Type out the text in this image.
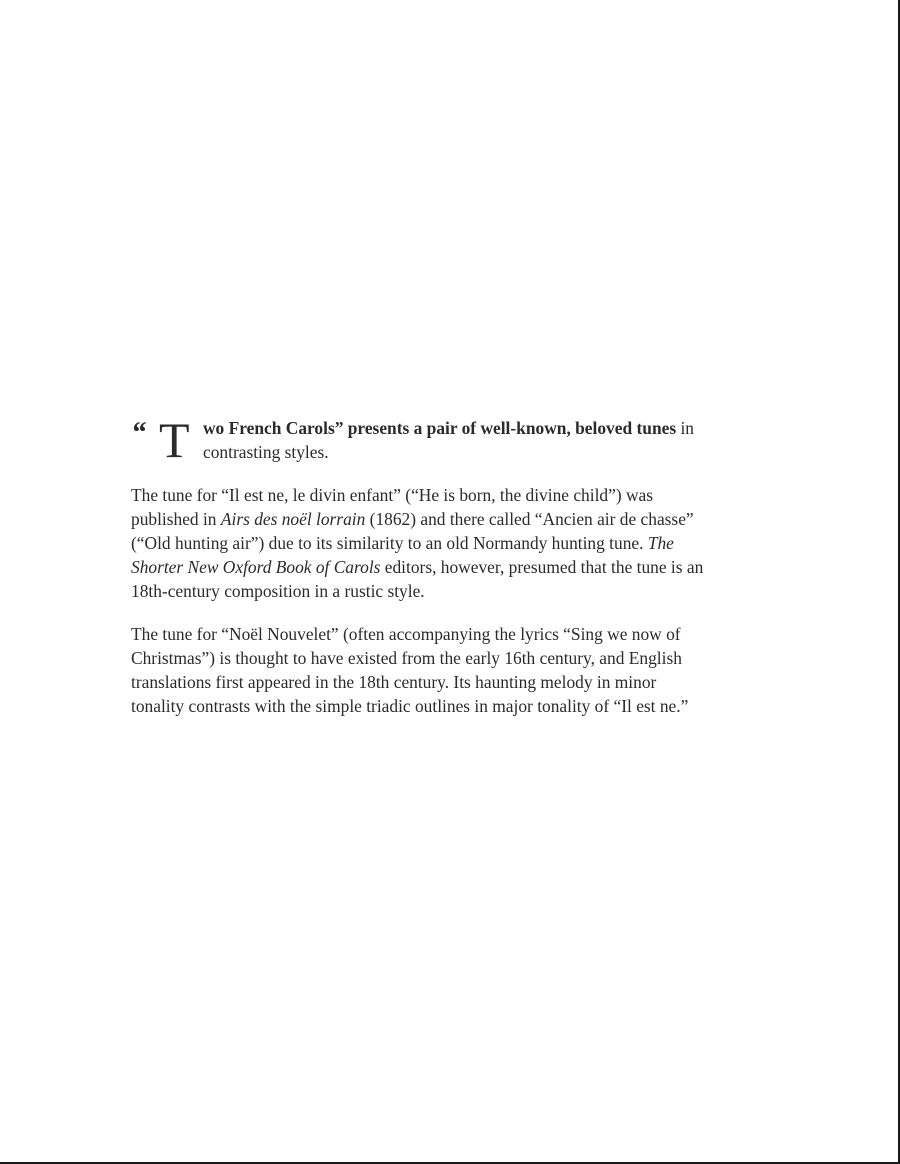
“ T wo French Carols” presents a pair of well-known, beloved tunes in
contrasting styles.
The tune for “Il est ne, le divin enfant” (“He is born, the divine child”) was
published in Airs des noël lorrain (1862) and there called “Ancien air de chasse”
(“Old hunting air”) due to its similarity to an old Normandy hunting tune. The
Shorter New Oxford Book of Carols editors, however, presumed that the tune is an
18th-century composition in a rustic style.
The tune for “Noël Nouvelet” (often accompanying the lyrics “Sing we now of
Christmas”) is thought to have existed from the early 16th century, and English
translations first appeared in the 18th century. Its haunting melody in minor
tonality contrasts with the simple triadic outlines in major tonality of “Il est ne.”
